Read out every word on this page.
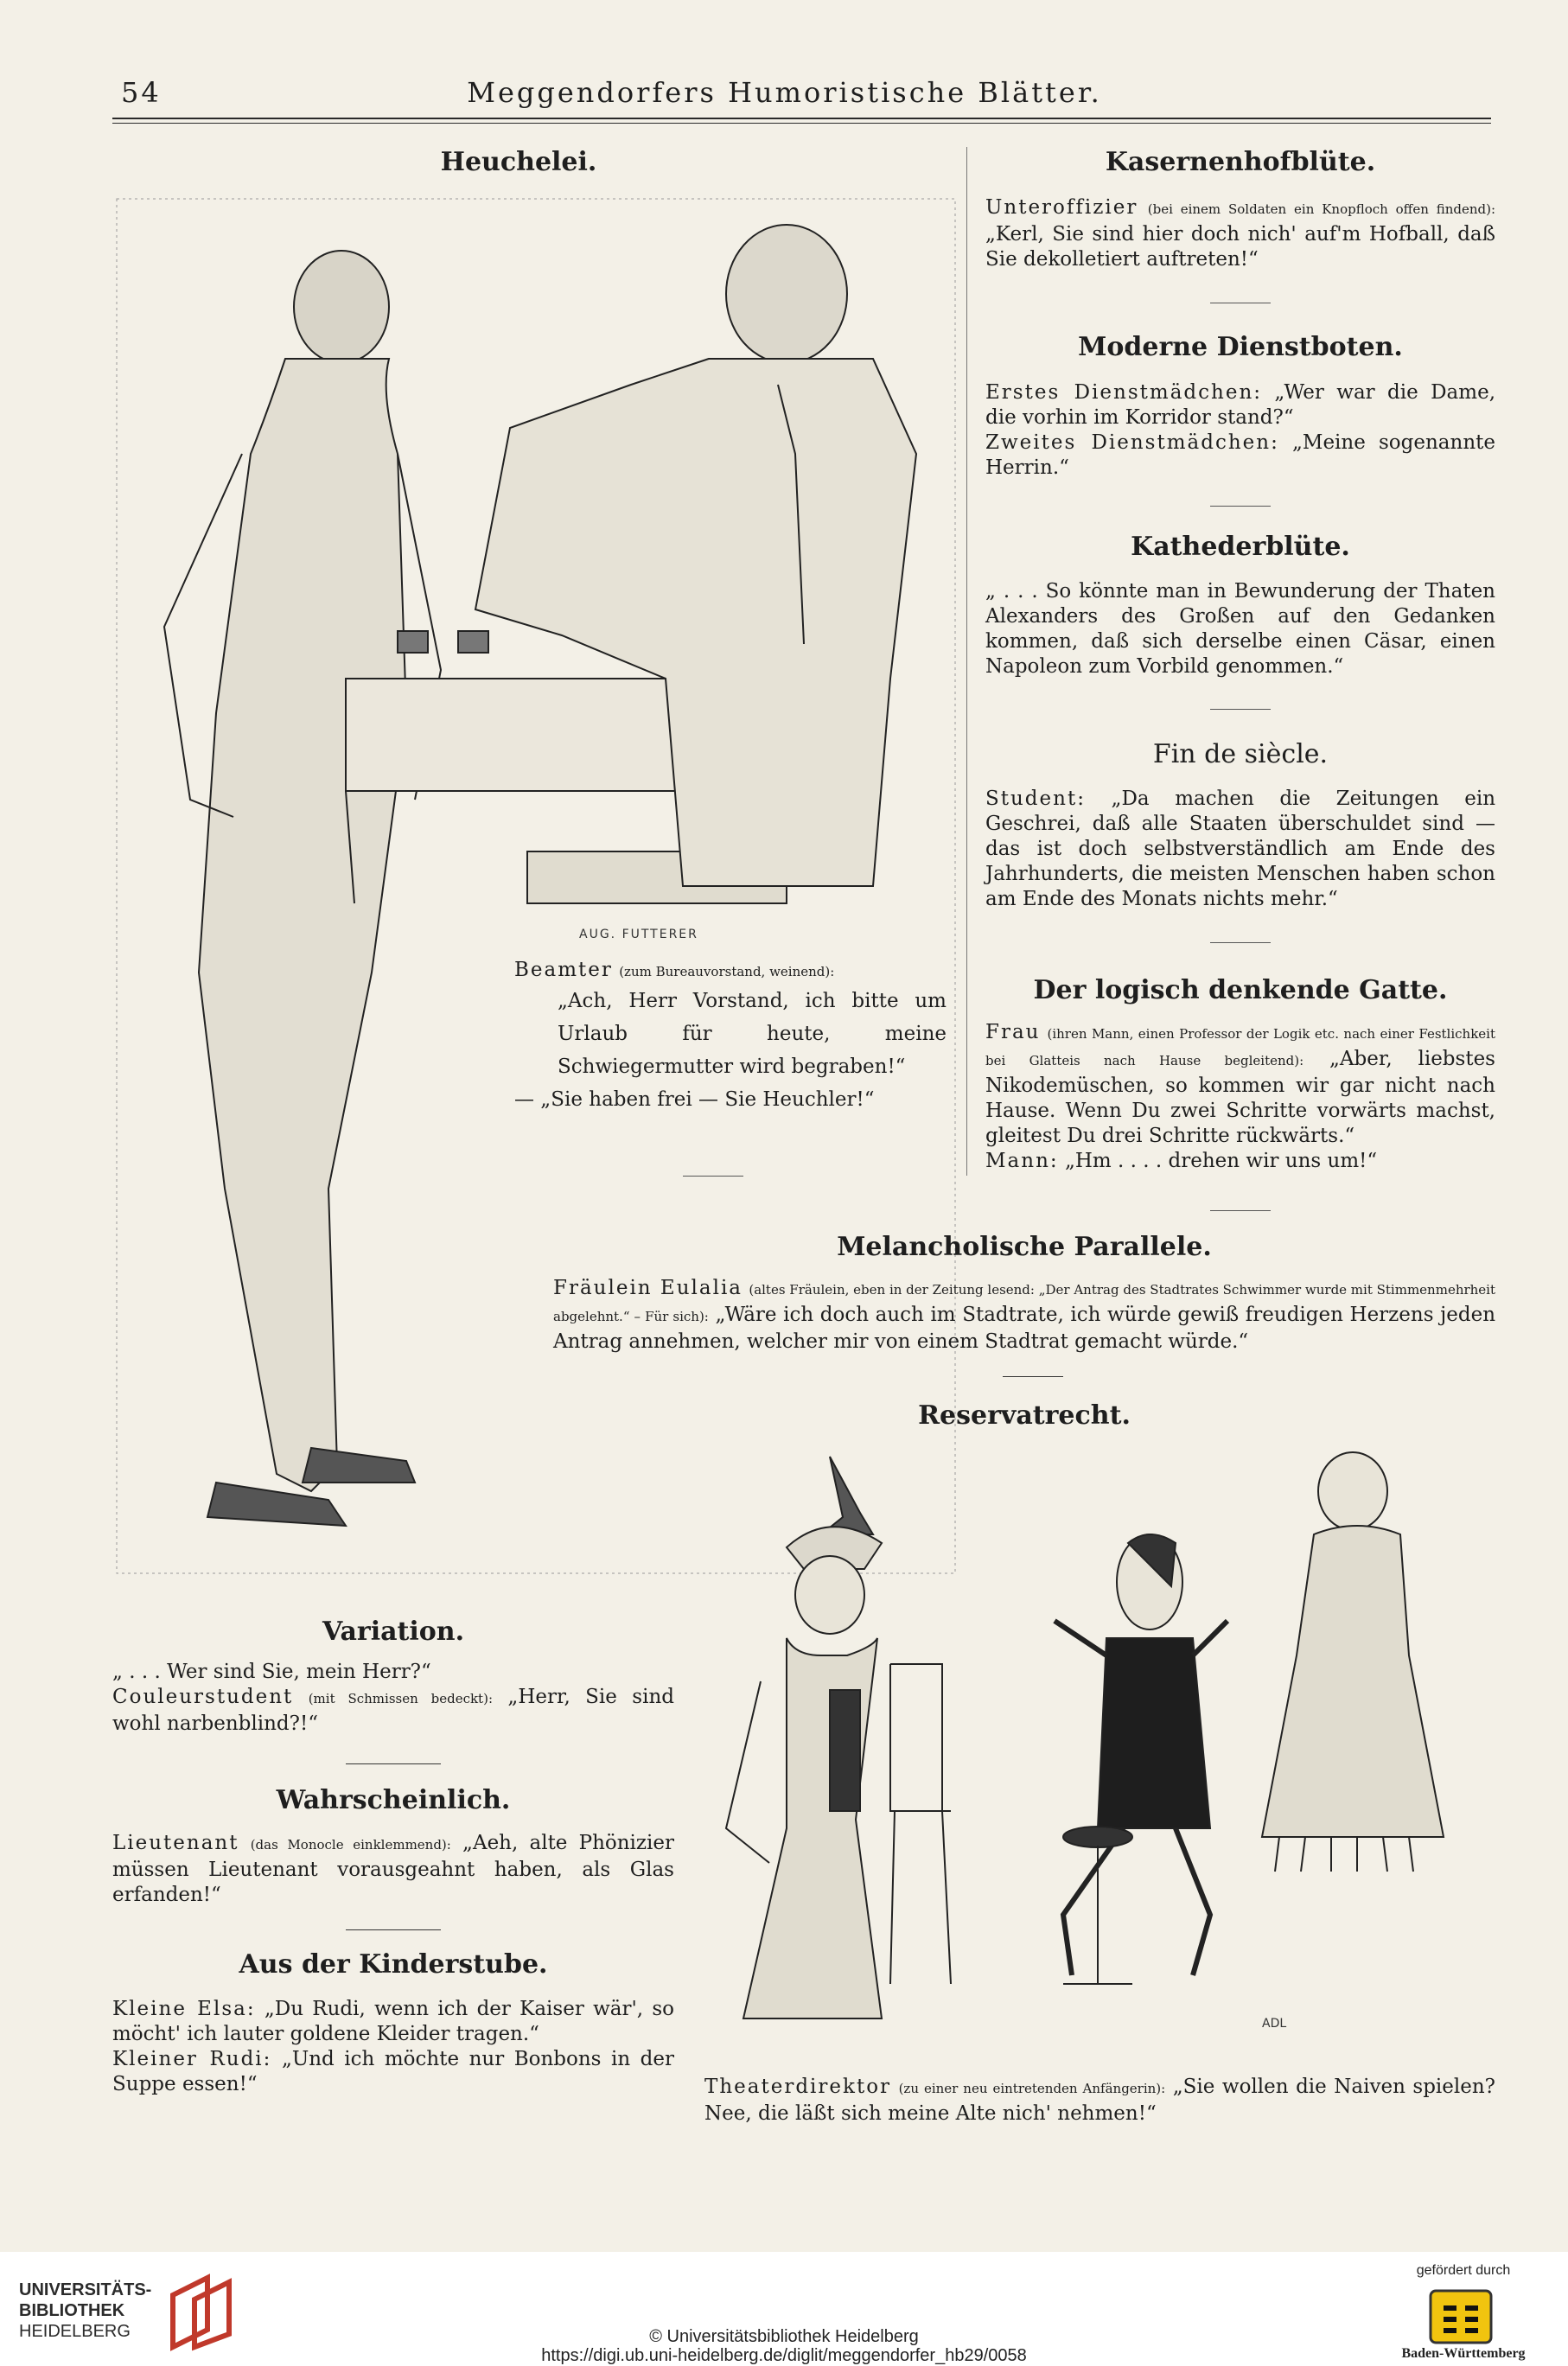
54	Meggendorfers Humoristische Blätter.
Heuchelei.
AUG. FUTTERER
Beamter (zum Bureauvorstand, weinend):
„Ach, Herr Vorstand, ich bitte um Urlaub für heute, meine Schwiegermutter wird begraben!“
— „Sie haben frei — Sie Heuchler!“
Kasernenhofblüte.
Unteroffizier (bei einem Soldaten ein Knopfloch offen findend): „Kerl, Sie sind hier doch nich' auf'm Hofball, daß Sie dekolletiert auftreten!“
Moderne Dienstboten.
Erstes Dienstmädchen: „Wer war die Dame, die vorhin im Korridor stand?“
Zweites Dienstmädchen: „Meine sogenannte Herrin.“
Kathederblüte.
„ . . . So könnte man in Bewunderung der Thaten Alexanders des Großen auf den Gedanken kommen, daß sich derselbe einen Cäsar, einen Napoleon zum Vorbild genommen.“
Fin de siècle.
Student: „Da machen die Zeitungen ein Geschrei, daß alle Staaten überschuldet sind — das ist doch selbstverständlich am Ende des Jahrhunderts, die meisten Menschen haben schon am Ende des Monats nichts mehr.“
Der logisch denkende Gatte.
Frau (ihren Mann, einen Professor der Logik etc. nach einer Festlichkeit bei Glatteis nach Hause begleitend): „Aber, liebstes Nikodemüschen, so kommen wir gar nicht nach Hause. Wenn Du zwei Schritte vorwärts machst, gleitest Du drei Schritte rückwärts.“
Mann: „Hm . . . . drehen wir uns um!“
Melancholische Parallele.
Fräulein Eulalia (altes Fräulein, eben in der Zeitung lesend: „Der Antrag des Stadtrates Schwimmer wurde mit Stimmenmehrheit abgelehnt.“ – Für sich): „Wäre ich doch auch im Stadtrate, ich würde gewiß freudigen Herzens jeden Antrag annehmen, welcher mir von einem Stadtrat gemacht würde.“
Reservatrecht.
ADL
Theaterdirektor (zu einer neu eintretenden Anfängerin): „Sie wollen die Naiven spielen? Nee, die läßt sich meine Alte nich' nehmen!“
Variation.
„ . . . Wer sind Sie, mein Herr?“
Couleurstudent (mit Schmissen bedeckt): „Herr, Sie sind wohl narbenblind?!“
Wahrscheinlich.
Lieutenant (das Monocle einklemmend): „Aeh, alte Phönizier müssen Lieutenant vorausgeahnt haben, als Glas erfanden!“
Aus der Kinderstube.
Kleine Elsa: „Du Rudi, wenn ich der Kaiser wär', so möcht' ich lauter goldene Kleider tragen.“
Kleiner Rudi: „Und ich möchte nur Bonbons in der Suppe essen!“
UNIVERSITÄTS-
BIBLIOTHEK
HEIDELBERG	© Universitätsbibliothek Heidelberg
https://digi.ub.uni-heidelberg.de/diglit/meggendorfer_hb29/0058
gefördert durch
Baden-Württemberg
